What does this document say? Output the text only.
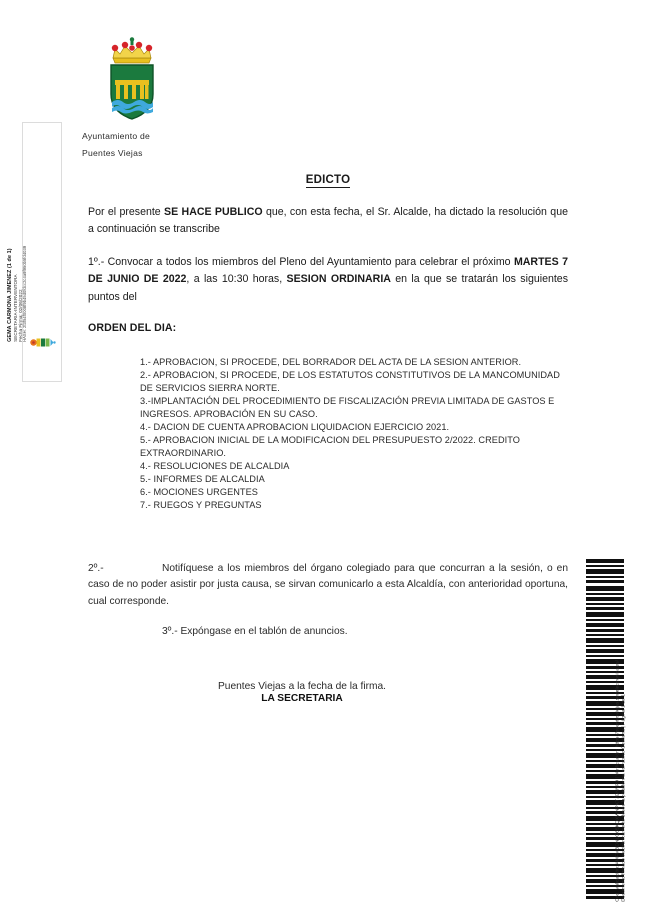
GEMA CARMONA JIMENEZ (1 de 1) SECRETARIA-INTERVENTORA Fecha Firma: 02/06/2022 HASH: 2f3f54f0008f9b45d0fdcc2c4a9f950b5fd4039
Ayuntamiento de
Puentes Viejas
EDICTO

Por el presente SE HACE PUBLICO que, con esta fecha, el Sr. Alcalde, ha dictado la resolución que a continuación se transcribe

1º.- Convocar a todos los miembros del Pleno del Ayuntamiento para celebrar el próximo MARTES 7 DE JUNIO DE 2022, a las 10:30 horas, SESION ORDINARIA en la que se tratarán los siguientes puntos del

ORDEN DEL DIA:

1.- APROBACION, SI PROCEDE, DEL BORRADOR DEL ACTA DE LA SESION ANTERIOR.

2.- APROBACION, SI PROCEDE, DE LOS ESTATUTOS CONSTITUTIVOS DE LA MANCOMUNIDAD DE SERVICIOS SIERRA NORTE.

3.-IMPLANTACIÓN DEL PROCEDIMIENTO DE FISCALIZACIÓN PREVIA LIMITADA DE GASTOS E INGRESOS. APROBACIÓN EN SU CASO.

4.- DACION DE CUENTA APROBACION LIQUIDACION EJERCICIO 2021.

5.- APROBACION INICIAL DE LA MODIFICACION DEL PRESUPUESTO 2/2022. CREDITO EXTRAORDINARIO.

4.- RESOLUCIONES DE ALCALDIA

5.- INFORMES DE ALCALDIA

6.- MOCIONES URGENTES

7.- RUEGOS Y PREGUNTAS

2º.-	Notifíquese a los miembros del órgano colegiado para que concurran a la sesión, o en caso de no poder asistir por justa causa, se sirvan comunicarlo a esta Alcaldía, con anterioridad oportuna, cual corresponde.

3º.- Expóngase en el tablón de anuncios.
Puentes Viejas a la fecha de la firma.
LA SECRETARIA	Cód. Validación: AMFMBDNLG65KQXWNPKTJGNVF9 | Verificación: https://puentesviejas.sedelectronica.es/ Documento firmado electrónicamente desde la plataforma esPublico Gestiona | Página 1 de 1
